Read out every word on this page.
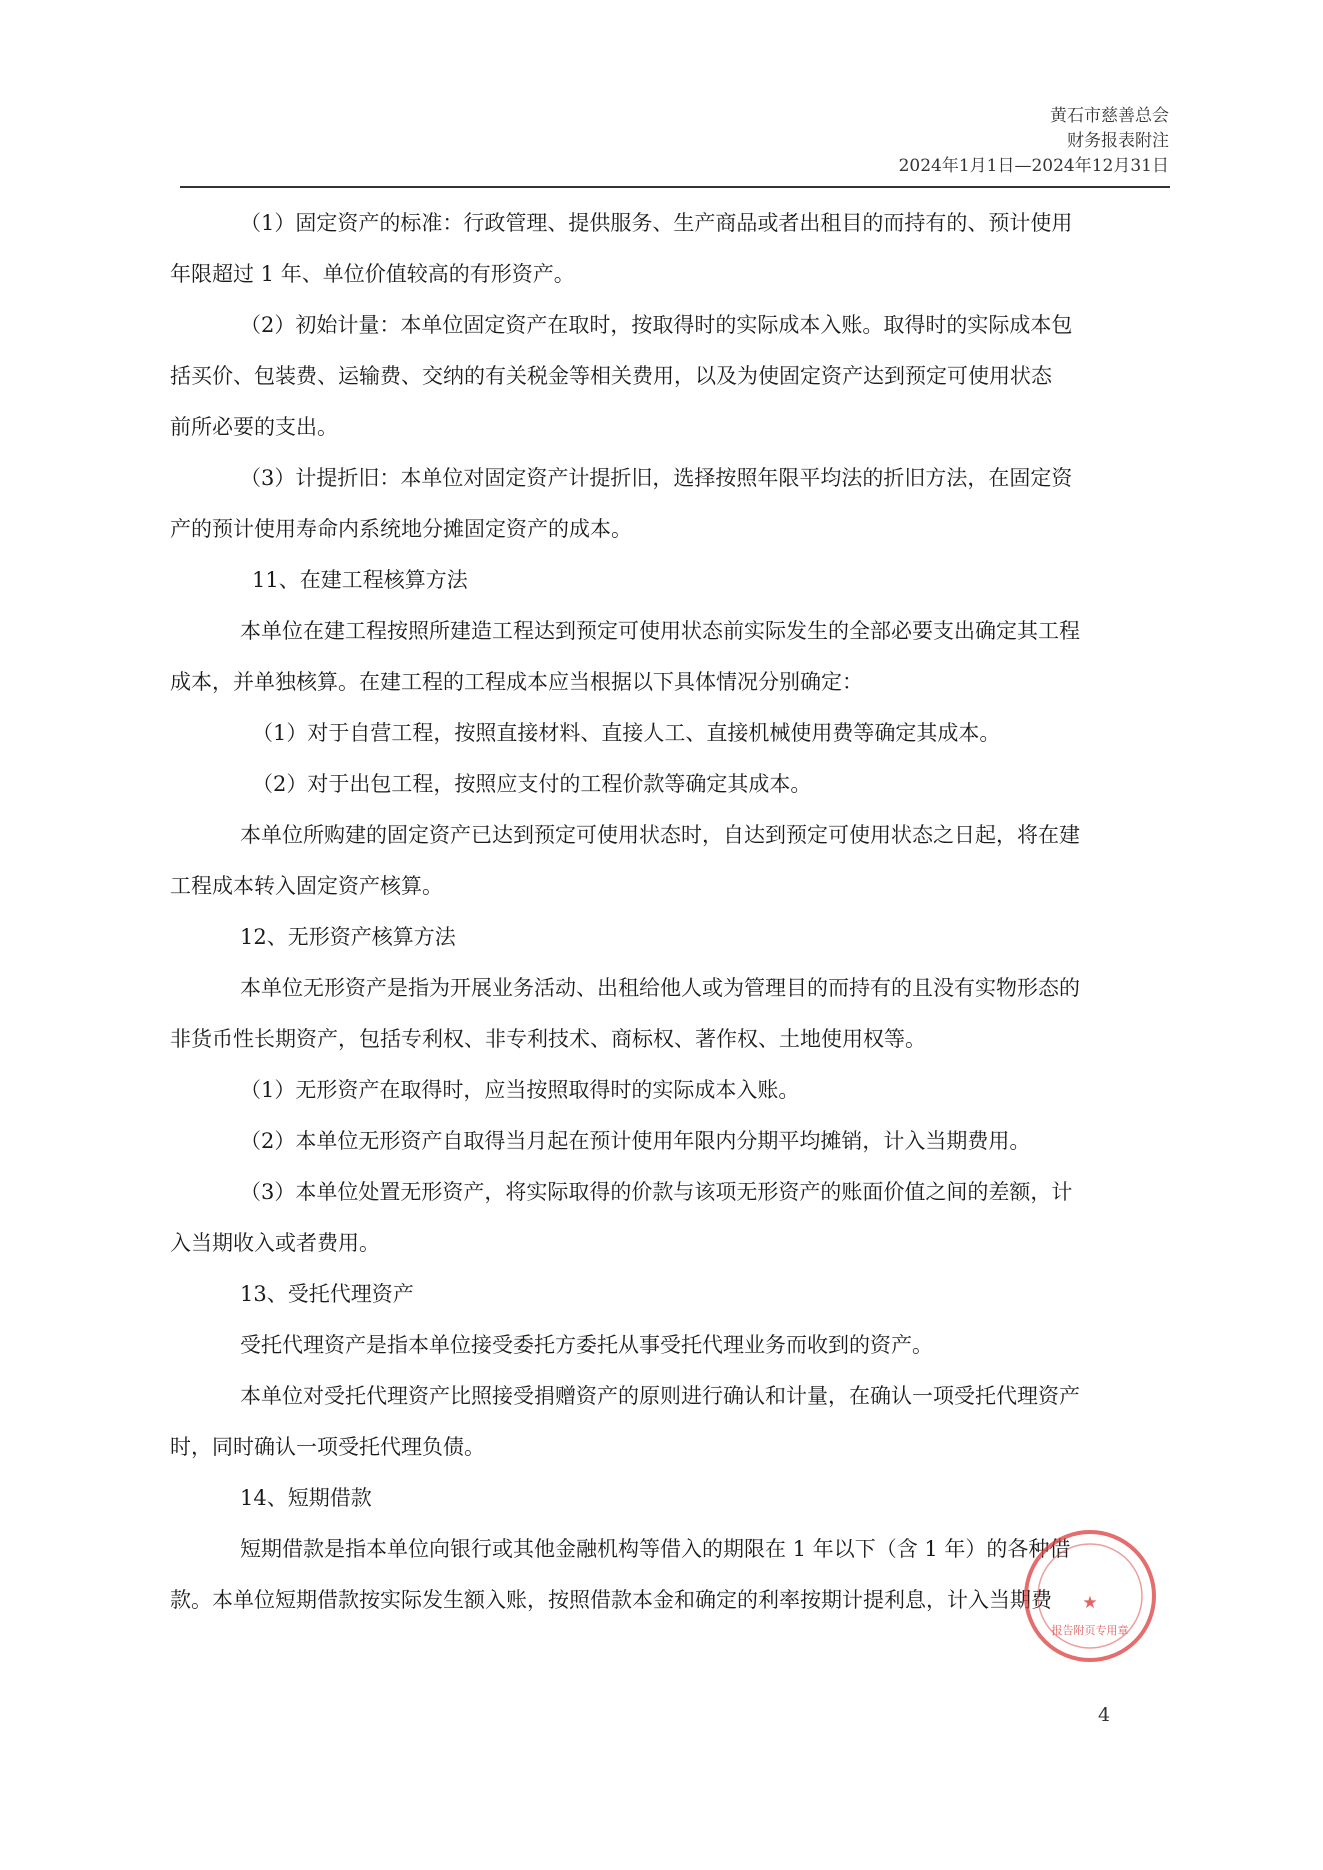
黄石市慈善总会
财务报表附注
2024年1月1日—2024年12月31日

（1）固定资产的标准：行政管理、提供服务、生产商品或者出租目的而持有的、预计使用

年限超过 1 年、单位价值较高的有形资产。

（2）初始计量：本单位固定资产在取时，按取得时的实际成本入账。取得时的实际成本包

括买价、包装费、运输费、交纳的有关税金等相关费用，以及为使固定资产达到预定可使用状态

前所必要的支出。

（3）计提折旧：本单位对固定资产计提折旧，选择按照年限平均法的折旧方法，在固定资

产的预计使用寿命内系统地分摊固定资产的成本。

11、在建工程核算方法

本单位在建工程按照所建造工程达到预定可使用状态前实际发生的全部必要支出确定其工程

成本，并单独核算。在建工程的工程成本应当根据以下具体情况分别确定：

（1）对于自营工程，按照直接材料、直接人工、直接机械使用费等确定其成本。

（2）对于出包工程，按照应支付的工程价款等确定其成本。

本单位所购建的固定资产已达到预定可使用状态时，自达到预定可使用状态之日起，将在建

工程成本转入固定资产核算。

12、无形资产核算方法

本单位无形资产是指为开展业务活动、出租给他人或为管理目的而持有的且没有实物形态的

非货币性长期资产，包括专利权、非专利技术、商标权、著作权、土地使用权等。

（1）无形资产在取得时，应当按照取得时的实际成本入账。

（2）本单位无形资产自取得当月起在预计使用年限内分期平均摊销，计入当期费用。

（3）本单位处置无形资产，将实际取得的价款与该项无形资产的账面价值之间的差额，计

入当期收入或者费用。

13、受托代理资产

受托代理资产是指本单位接受委托方委托从事受托代理业务而收到的资产。

本单位对受托代理资产比照接受捐赠资产的原则进行确认和计量，在确认一项受托代理资产

时，同时确认一项受托代理负债。

14、短期借款

短期借款是指本单位向银行或其他金融机构等借入的期限在 1 年以下（含 1 年）的各种借

款。本单位短期借款按实际发生额入账，按照借款本金和确定的利率按期计提利息，计入当期费	★
报告附页专用章
4
